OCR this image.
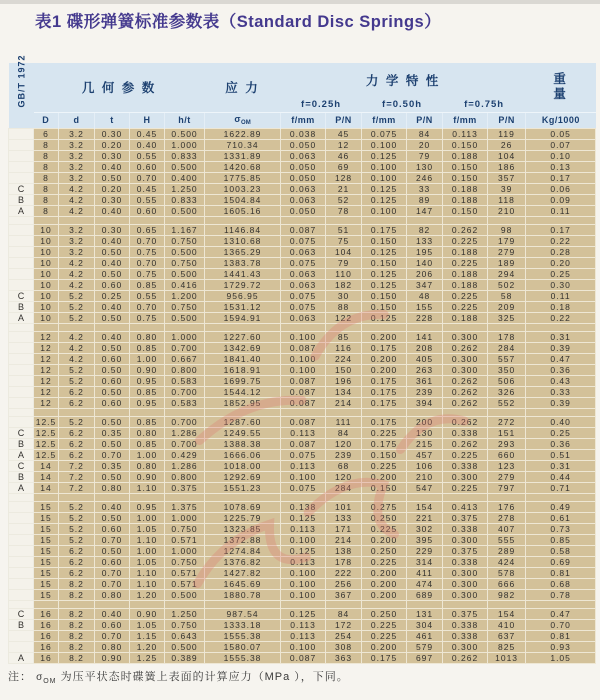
表1 碟形弹簧标准参数表（Standard Disc Springs）
GB/T 1972	几 何 参 数					应 力	力 学 特 性						重
量

							f=0.25h		f=0.50h		f=0.75h		
	D	d	t	H	h/t	$\sigma_{OM}$	f/mm	P/N	f/mm	P/N	f/mm	P/N	Kg/1000
	6	3.2	0.30	0.45	0.500	1622.89	0.038	45	0.075	84	0.113	119	0.05
	8	3.2	0.20	0.40	1.000	710.34	0.050	12	0.100	20	0.150	26	0.07
	8	3.2	0.30	0.55	0.833	1331.89	0.063	46	0.125	79	0.188	104	0.10
	8	3.2	0.40	0.60	0.500	1420.68	0.050	69	0.100	130	0.150	186	0.13
	8	3.2	0.50	0.70	0.400	1775.85	0.050	128	0.100	246	0.150	357	0.17
C	8	4.2	0.20	0.45	1.250	1003.23	0.063	21	0.125	33	0.188	39	0.06
B	8	4.2	0.30	0.55	0.833	1504.84	0.063	52	0.125	89	0.188	118	0.09
A	8	4.2	0.40	0.60	0.500	1605.16	0.050	78	0.100	147	0.150	210	0.11

	10	3.2	0.30	0.65	1.167	1146.84	0.087	51	0.175	82	0.262	98	0.17
	10	3.2	0.40	0.70	0.750	1310.68	0.075	75	0.150	133	0.225	179	0.22
	10	3.2	0.50	0.75	0.500	1365.29	0.063	104	0.125	195	0.188	279	0.28
	10	4.2	0.40	0.70	0.750	1383.78	0.075	79	0.150	140	0.225	189	0.20
	10	4.2	0.50	0.75	0.500	1441.43	0.063	110	0.125	206	0.188	294	0.25
	10	4.2	0.60	0.85	0.416	1729.72	0.063	182	0.125	347	0.188	502	0.30
C	10	5.2	0.25	0.55	1.200	956.95	0.075	30	0.150	48	0.225	58	0.11
B	10	5.2	0.40	0.70	0.750	1531.12	0.075	88	0.150	155	0.225	209	0.18
A	10	5.2	0.50	0.75	0.500	1594.91	0.063	122	0.125	228	0.188	325	0.22

	12	4.2	0.40	0.80	1.000	1227.60	0.100	85	0.200	141	0.300	178	0.31
	12	4.2	0.50	0.85	0.700	1342.69	0.087	116	0.175	208	0.262	284	0.39
	12	4.2	0.60	1.00	0.667	1841.40	0.100	224	0.200	405	0.300	557	0.47
	12	5.2	0.50	0.90	0.800	1618.91	0.100	150	0.200	263	0.300	350	0.36
	12	5.2	0.60	0.95	0.583	1699.75	0.087	196	0.175	361	0.262	506	0.43
	12	6.2	0.50	0.85	0.700	1544.12	0.087	134	0.175	239	0.262	326	0.33
	12	6.2	0.60	0.95	0.583	1852.95	0.087	214	0.175	394	0.262	552	0.39

	12.5	5.2	0.50	0.85	0.700	1287.60	0.087	111	0.175	200	0.262	272	0.40
C	12.5	6.2	0.35	0.80	1.286	1249.55	0.113	84	0.225	130	0.338	151	0.25
B	12.5	6.2	0.50	0.85	0.700	1388.38	0.087	120	0.175	215	0.262	293	0.36
A	12.5	6.2	0.70	1.00	0.429	1666.06	0.075	239	0.150	457	0.225	660	0.51
C	14	7.2	0.35	0.80	1.286	1018.00	0.113	68	0.225	106	0.338	123	0.31
B	14	7.2	0.50	0.90	0.800	1292.69	0.100	120	0.200	210	0.300	279	0.44
A	14	7.2	0.80	1.10	0.375	1551.23	0.075	284	0.150	547	0.225	797	0.71

	15	5.2	0.40	0.95	1.375	1078.69	0.138	101	0.275	154	0.413	176	0.49
	15	5.2	0.50	1.00	1.000	1225.79	0.125	133	0.250	221	0.375	278	0.61
	15	5.2	0.60	1.05	0.750	1323.85	0.113	171	0.225	302	0.338	407	0.73
	15	5.2	0.70	1.10	0.571	1372.88	0.100	214	0.200	395	0.300	555	0.85
	15	6.2	0.50	1.00	1.000	1274.84	0.125	138	0.250	229	0.375	289	0.58
	15	6.2	0.60	1.05	0.750	1376.82	0.113	178	0.225	314	0.338	424	0.69
	15	6.2	0.70	1.10	0.571	1427.82	0.100	222	0.200	411	0.300	578	0.81
	15	8.2	0.70	1.10	0.571	1645.69	0.100	256	0.200	474	0.300	666	0.68
	15	8.2	0.80	1.20	0.500	1880.78	0.100	367	0.200	689	0.300	982	0.78

C	16	8.2	0.40	0.90	1.250	987.54	0.125	84	0.250	131	0.375	154	0.47
B	16	8.2	0.60	1.05	0.750	1333.18	0.113	172	0.225	304	0.338	410	0.70
	16	8.2	0.70	1.15	0.643	1555.38	0.113	254	0.225	461	0.338	637	0.81
	16	8.2	0.80	1.20	0.500	1580.07	0.100	308	0.200	579	0.300	825	0.93
A	16	8.2	0.90	1.25	0.389	1555.38	0.087	363	0.175	697	0.262	1013	1.05
注： $\sigma_{OM}$ 为压平状态时碟簧上表面的计算应力（MPa ），下同。
